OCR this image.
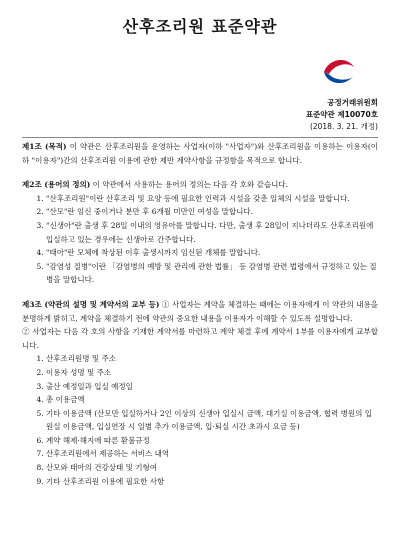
산후조리원 표준약관
공정거래위원회
표준약관 제10070호
(2018. 3. 21. 개정)

제1조 (목적) 이 약관은 산후조리원을 운영하는 사업자(이하 "사업자")와 산후조리원을 이용하는 이용자(이하 "이용자")간의 산후조리원 이용에 관한 제반 계약사항을 규정함을 목적으로 합니다.

제2조 (용어의 정의) 이 약관에서 사용하는 용어의 정의는 다음 각 호와 같습니다.

1. "산후조리원"이란 산후조리 및 요양 등에 필요한 인력과 시설을 갖춘 일체의 시설을 말합니다.
2. "산모"란 임신 중이거나 분만 후 6개월 미만인 여성을 말합니다.
3. "신생아"란 출생 후 28일 이내의 영유아를 말합니다. 다만, 출생 후 28일이 지나더라도 산후조리원에 입실하고 있는 경우에는 신생아로 간주합니다.
4. "태아"란 모체에 착상된 이후 출생시까지 임신된 개체를 말합니다.
5. "감염성 질병"이란 「감염병의 예방 및 관리에 관한 법률」 등 감염병 관련 법령에서 규정하고 있는 질병을 말합니다.

제3조 (약관의 설명 및 계약서의 교부 등) ① 사업자는 계약을 체결하는 때에는 이용자에게 이 약관의 내용을 분명하게 밝히고, 계약을 체결하기 전에 약관의 중요한 내용을 이용자가 이해할 수 있도록 설명합니다.

② 사업자는 다음 각 호의 사항을 기재한 계약서를 마련하고 계약 체결 후에 계약서 1부를 이용자에게 교부합니다.

1. 산후조리원명 및 주소
2. 이용자 성명 및 주소
3. 출산 예정일과 입실 예정일
4. 총 이용금액
5. 기타 이용금액 (산모만 입실하거나 2인 이상의 신생아 입실시 금액, 대기실 이용금액, 협력 병원의 입원실 이용금액, 입실연장 시 일별 추가 이용금액, 입·퇴실 시간 초과시 요금 등)
6. 계약 해제·해지에 따른 환불규정
7. 산후조리원에서 제공하는 서비스 내역
8. 산모와 태아의 건강상태 및 기형여
9. 기타 산후조리원 이용에 필요한 사항
